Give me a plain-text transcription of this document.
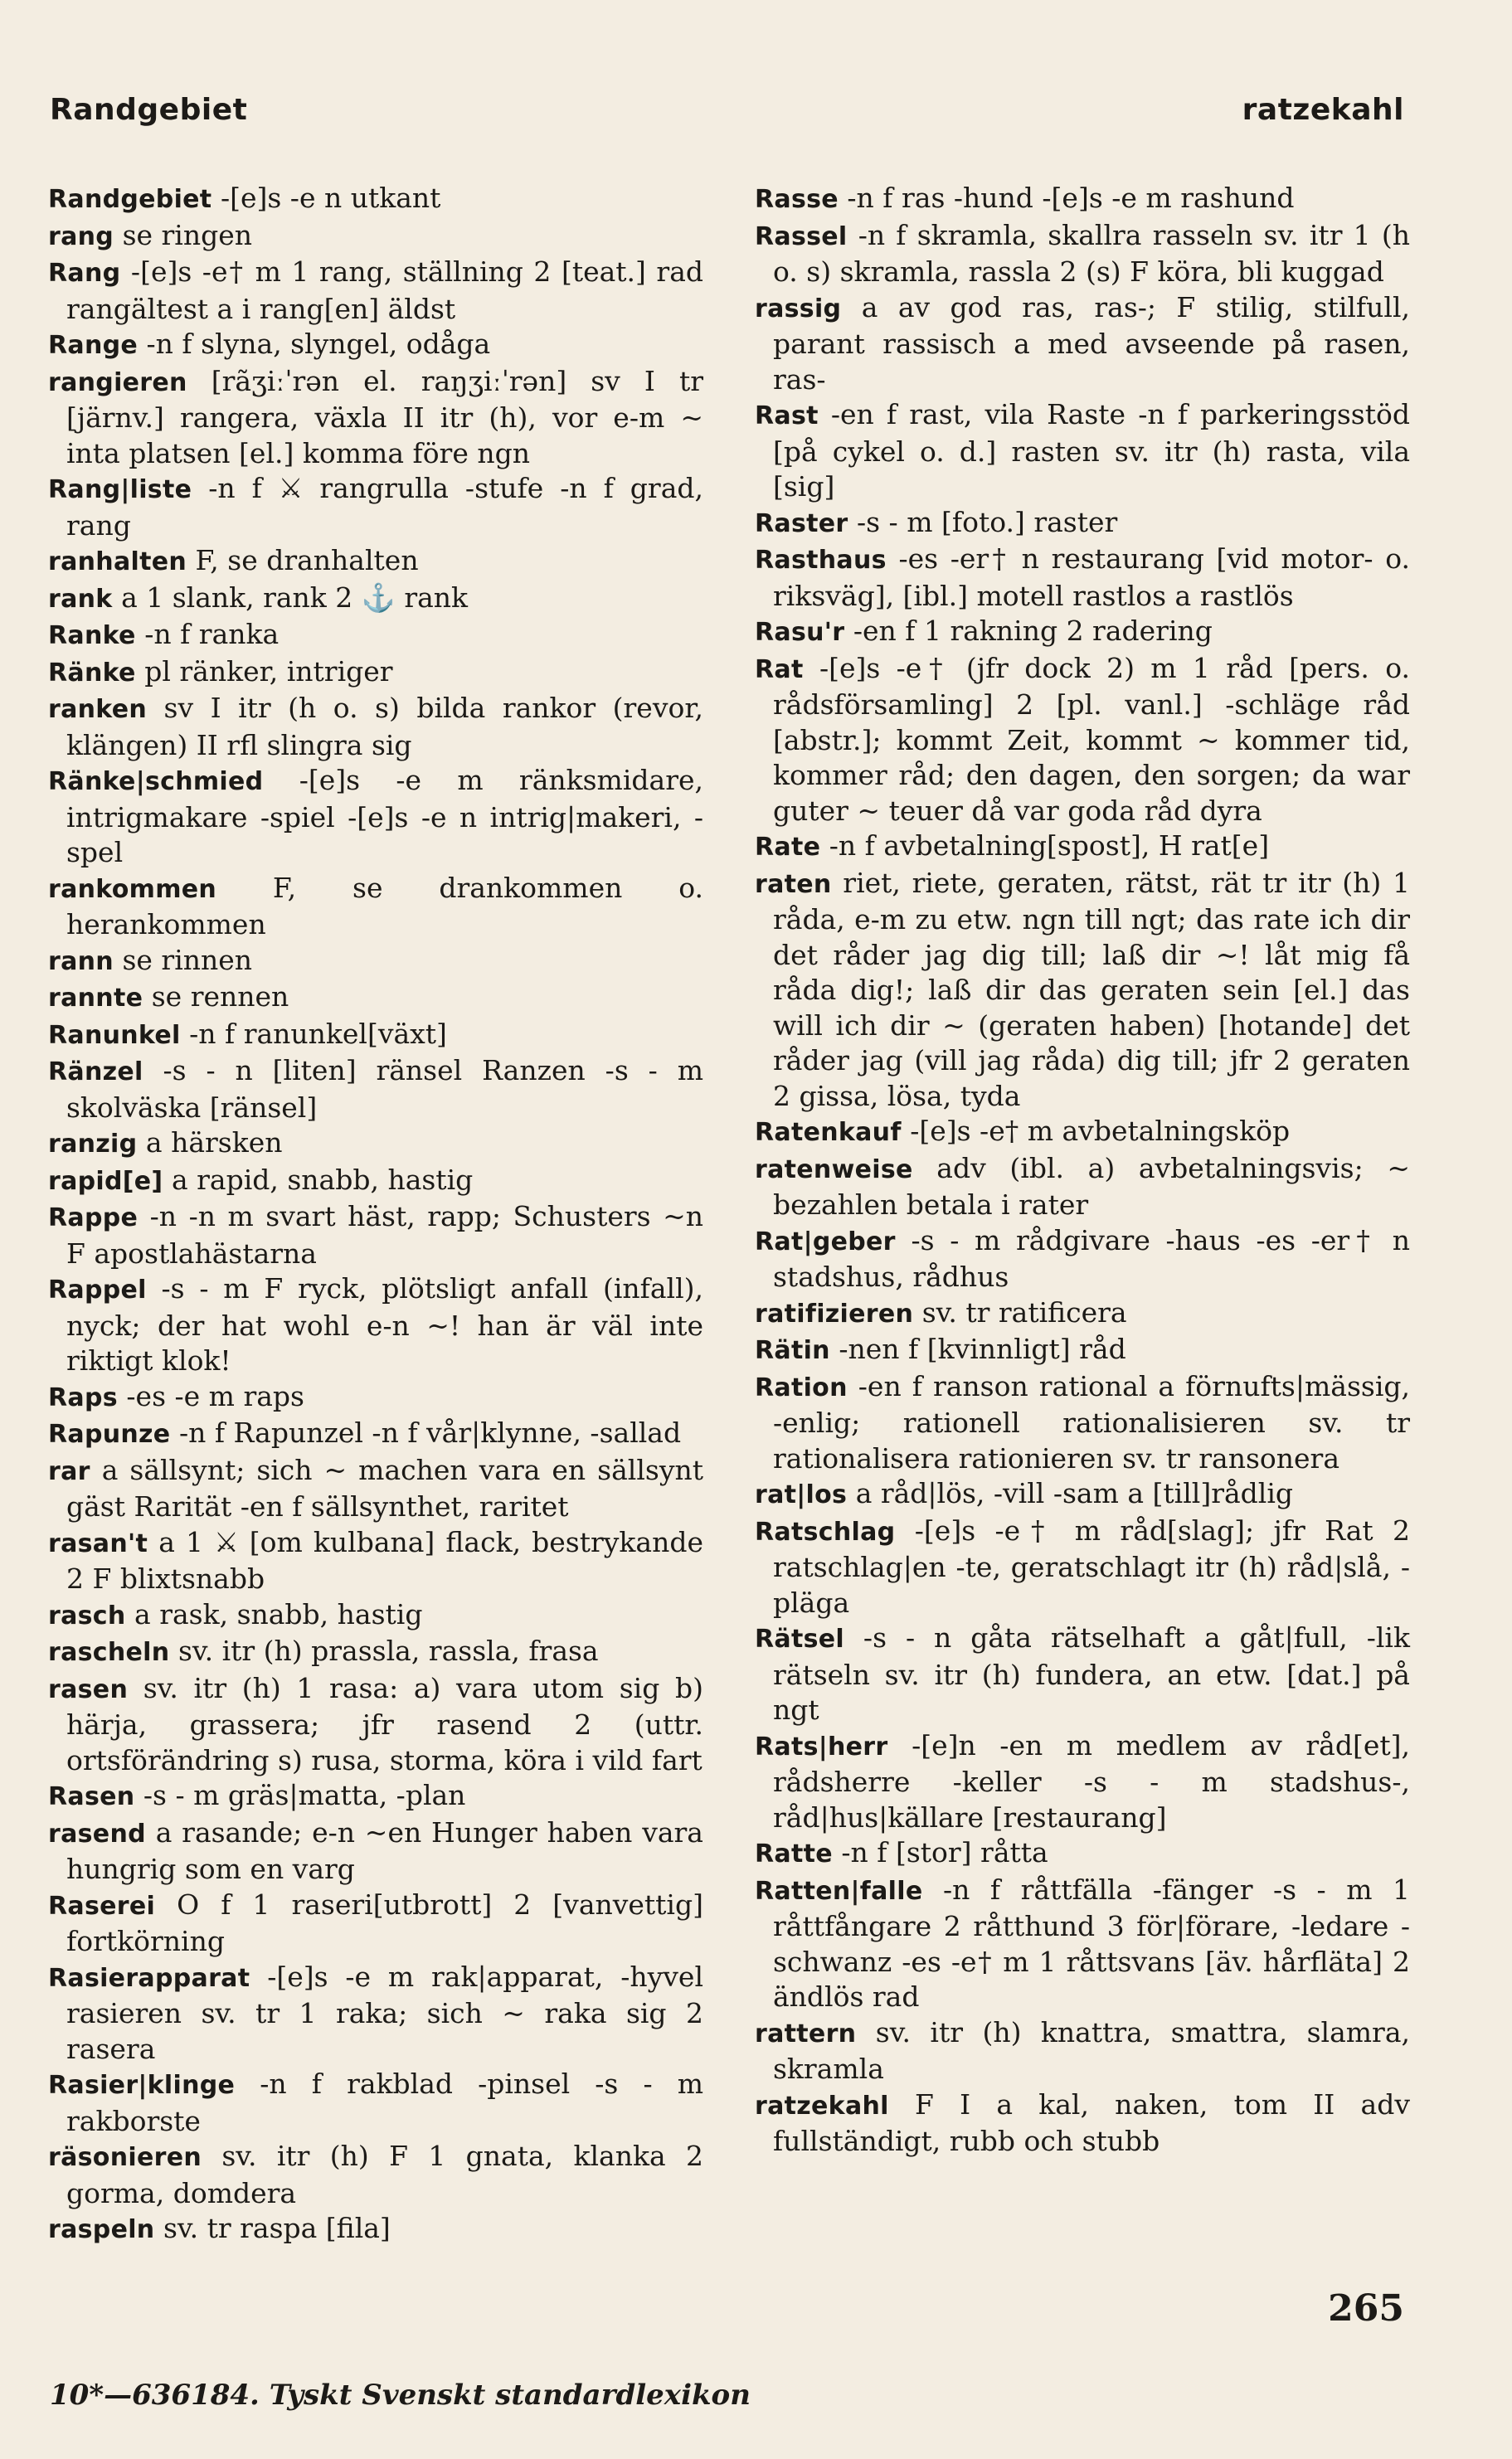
Randgebiet	ratzekahl

Randgebiet -[e]s -e n utkant

rang se ringen

Rang -[e]s -e† m 1 rang, ställning 2 [teat.] rad rangältest a i rang[en] äldst

Range -n f slyna, slyngel, odåga

rangieren [rãʒiːˈrən el. raŋʒiːˈrən] sv I tr [järnv.] rangera, växla II itr (h), vor e-m ~ inta platsen [el.] komma före ngn

Rang|liste -n f ⚔ rangrulla -stufe -n f grad, rang

ranhalten F, se dranhalten

rank a 1 slank, rank 2 ⚓ rank

Ranke -n f ranka

Ränke pl ränker, intriger

ranken sv I itr (h o. s) bilda rankor (revor, klängen) II rfl slingra sig

Ränke|schmied -[e]s -e m ränksmidare, intrigmakare -spiel -[e]s -e n intrig|makeri, -spel

rankommen F, se drankommen o. herankommen

rann se rinnen

rannte se rennen

Ranunkel -n f ranunkel[växt]

Ränzel -s - n [liten] ränsel Ranzen -s - m skolväska [ränsel]

ranzig a härsken

rapid[e] a rapid, snabb, hastig

Rappe -n -n m svart häst, rapp; Schusters ~n F apostlahästarna

Rappel -s - m F ryck, plötsligt anfall (infall), nyck; der hat wohl e-n ~! han är väl inte riktigt klok!

Raps -es -e m raps

Rapunze -n f Rapunzel -n f vår|klynne, -sallad

rar a sällsynt; sich ~ machen vara en sällsynt gäst Rarität -en f sällsynthet, raritet

rasan't a 1 ⚔ [om kulbana] flack, bestrykande 2 F blixtsnabb

rasch a rask, snabb, hastig

rascheln sv. itr (h) prassla, rassla, frasa

rasen sv. itr (h) 1 rasa: a) vara utom sig b) härja, grassera; jfr rasend 2 (uttr. ortsförändring s) rusa, storma, köra i vild fart

Rasen -s - m gräs|matta, -plan

rasend a rasande; e-n ~en Hunger haben vara hungrig som en varg

Raserei O f 1 raseri[utbrott] 2 [vanvettig] fortkörning

Rasierapparat -[e]s -e m rak|apparat, -hyvel rasieren sv. tr 1 raka; sich ~ raka sig 2 rasera

Rasier|klinge -n f rakblad -pinsel -s - m rakborste

räsonieren sv. itr (h) F 1 gnata, klanka 2 gorma, domdera

raspeln sv. tr raspa [fila]

Rasse -n f ras -hund -[e]s -e m rashund

Rassel -n f skramla, skallra rasseln sv. itr 1 (h o. s) skramla, rassla 2 (s) F köra, bli kuggad

rassig a av god ras, ras-; F stilig, stilfull, parant rassisch a med avseende på rasen, ras-

Rast -en f rast, vila Raste -n f parkeringsstöd [på cykel o. d.] rasten sv. itr (h) rasta, vila [sig]

Raster -s - m [foto.] raster

Rasthaus -es -er† n restaurang [vid motor- o. riksväg], [ibl.] motell rastlos a rastlös

Rasu'r -en f 1 rakning 2 radering

Rat -[e]s -e† (jfr dock 2) m 1 råd [pers. o. rådsförsamling] 2 [pl. vanl.] -schläge råd [abstr.]; kommt Zeit, kommt ~ kommer tid, kommer råd; den dagen, den sorgen; da war guter ~ teuer då var goda råd dyra

Rate -n f avbetalning[spost], H rat[e]

raten riet, riete, geraten, rätst, rät tr itr (h) 1 råda, e-m zu etw. ngn till ngt; das rate ich dir det råder jag dig till; laß dir ~! låt mig få råda dig!; laß dir das geraten sein [el.] das will ich dir ~ (geraten haben) [hotande] det råder jag (vill jag råda) dig till; jfr 2 geraten 2 gissa, lösa, tyda

Ratenkauf -[e]s -e† m avbetalningsköp

ratenweise adv (ibl. a) avbetalningsvis; ~ bezahlen betala i rater

Rat|geber -s - m rådgivare -haus -es -er† n stadshus, rådhus

ratifizieren sv. tr ratificera

Rätin -nen f [kvinnligt] råd

Ration -en f ranson rational a förnufts|mässig, -enlig; rationell rationalisieren sv. tr rationalisera rationieren sv. tr ransonera

rat|los a råd|lös, -vill -sam a [till]rådlig

Ratschlag -[e]s -e† m råd[slag]; jfr Rat 2 ratschlag|en -te, geratschlagt itr (h) råd|slå, -pläga

Rätsel -s - n gåta rätselhaft a gåt|full, -lik rätseln sv. itr (h) fundera, an etw. [dat.] på ngt

Rats|herr -[e]n -en m medlem av råd[et], rådsherre -keller -s - m stadshus-, råd|hus|källare [restaurang]

Ratte -n f [stor] råtta

Ratten|falle -n f råttfälla -fänger -s - m 1 råttfångare 2 råtthund 3 för|förare, -ledare -schwanz -es -e† m 1 råttsvans [äv. hårfläta] 2 ändlös rad

rattern sv. itr (h) knattra, smattra, slamra, skramla

ratzekahl F I a kal, naken, tom II adv fullständigt, rubb och stubb

265
10*—636184. Tyskt Svenskt standardlexikon
